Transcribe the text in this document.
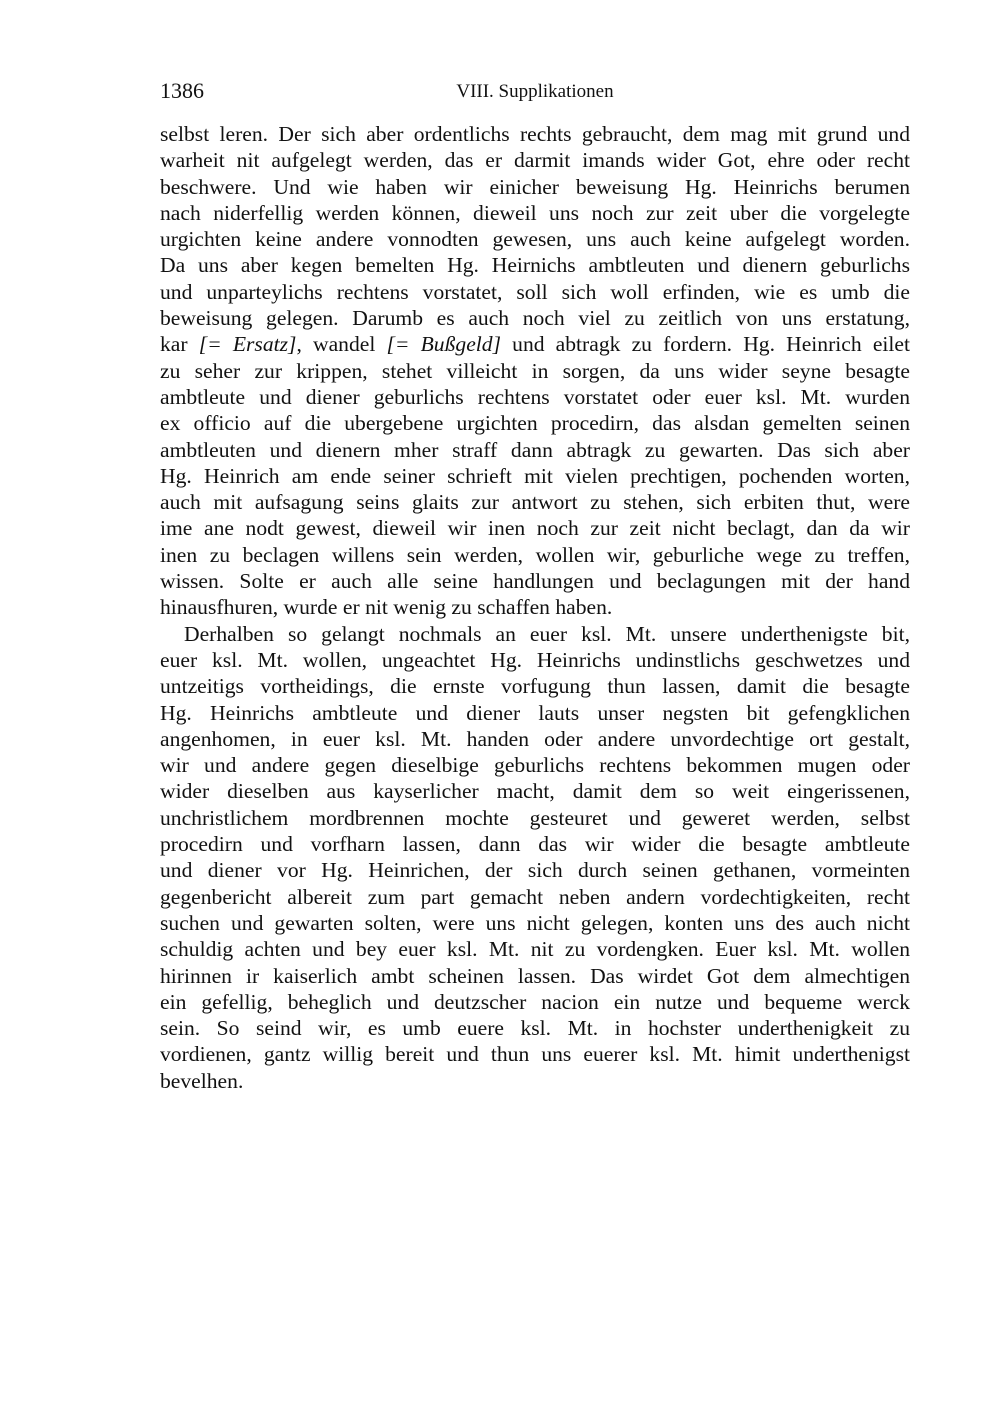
1386	VIII. Supplikationen
selbst leren. Der sich aber ordentlichs rechts gebraucht, dem mag mit grund und
warheit nit aufgelegt werden, das er darmit imands wider Got, ehre oder recht
beschwere. Und wie haben wir einicher beweisung Hg. Heinrichs berumen
nach niderfellig werden können, dieweil uns noch zur zeit uber die vorgelegte
urgichten keine andere vonnodten gewesen, uns auch keine aufgelegt worden.
Da uns aber kegen bemelten Hg. Heirnichs ambtleuten und dienern geburlichs
und unparteylichs rechtens vorstatet, soll sich woll erfinden, wie es umb die
beweisung gelegen. Darumb es auch noch viel zu zeitlich von uns erstatung,
kar [= Ersatz], wandel [= Bußgeld] und abtragk zu fordern. Hg. Heinrich eilet
zu seher zur krippen, stehet villeicht in sorgen, da uns wider seyne besagte
ambtleute und diener geburlichs rechtens vorstatet oder euer ksl. Mt. wurden
ex officio auf die ubergebene urgichten procedirn, das alsdan gemelten seinen
ambtleuten und dienern mher straff dann abtragk zu gewarten. Das sich aber
Hg. Heinrich am ende seiner schrieft mit vielen prechtigen, pochenden worten,
auch mit aufsagung seins glaits zur antwort zu stehen, sich erbiten thut, were
ime ane nodt gewest, dieweil wir inen noch zur zeit nicht beclagt, dan da wir
inen zu beclagen willens sein werden, wollen wir, geburliche wege zu treffen,
wissen. Solte er auch alle seine handlungen und beclagungen mit der hand
hinausfhuren, wurde er nit wenig zu schaffen haben.
Derhalben so gelangt nochmals an euer ksl. Mt. unsere underthenigste bit,
euer ksl. Mt. wollen, ungeachtet Hg. Heinrichs undinstlichs geschwetzes und
untzeitigs vortheidings, die ernste vorfugung thun lassen, damit die besagte
Hg. Heinrichs ambtleute und diener lauts unser negsten bit gefengklichen
angenhomen, in euer ksl. Mt. handen oder andere unvordechtige ort gestalt,
wir und andere gegen dieselbige geburlichs rechtens bekommen mugen oder
wider dieselben aus kayserlicher macht, damit dem so weit eingerissenen,
unchristlichem mordbrennen mochte gesteuret und geweret werden, selbst
procedirn und vorfharn lassen, dann das wir wider die besagte ambtleute
und diener vor Hg. Heinrichen, der sich durch seinen gethanen, vormeinten
gegenbericht albereit zum part gemacht neben andern vordechtigkeiten, recht
suchen und gewarten solten, were uns nicht gelegen, konten uns des auch nicht
schuldig achten und bey euer ksl. Mt. nit zu vordengken. Euer ksl. Mt. wollen
hirinnen ir kaiserlich ambt scheinen lassen. Das wirdet Got dem almechtigen
ein gefellig, beheglich und deutzscher nacion ein nutze und bequeme werck
sein. So seind wir, es umb euere ksl. Mt. in hochster underthenigkeit zu
vordienen, gantz willig bereit und thun uns euerer ksl. Mt. himit underthenigst
bevelhen.
